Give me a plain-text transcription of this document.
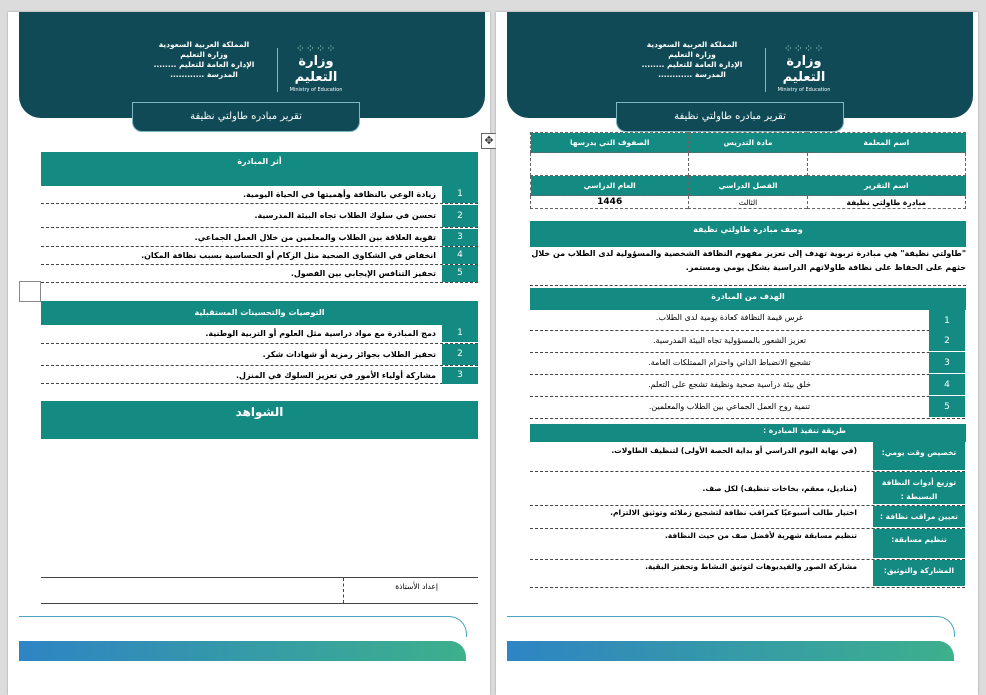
⁘⁘⁘⁘
وزارة التعليم
Ministry of Education
المملكة العربية السعودية
وزارة التعليم
الإدارة العامة للتعليم ........
المدرسة ............
تقرير مبادره طاولتي نظيفة
أثر المبادرة
زيادة الوعي بالنظافة وأهميتها في الحياة اليومية.	1
تحسن في سلوك الطلاب تجاه البيئة المدرسية.	2
تقوية العلاقة بين الطلاب والمعلمين من خلال العمل الجماعي.	3
انخفاض في الشكاوى الصحية مثل الزكام أو الحساسية بسبب نظافة المكان.	4
تحفيز التنافس الإيجابي بين الفصول.	5
التوصيات والتحسينات المستقبلية
دمج المبادرة مع مواد دراسية مثل العلوم أو التربية الوطنية.	1
تحفيز الطلاب بجوائز رمزية أو شهادات شكر.	2
مشاركة أولياء الأمور في تعزيز السلوك في المنزل.	3
الشواهد
إعداد الأستاذة
✥
⁘⁘⁘⁘
وزارة التعليم
Ministry of Education
المملكة العربية السعودية
وزارة التعليم
الإدارة العامة للتعليم ........
المدرسة ............
تقرير مبادره طاولتي نظيفة
اسم المعلمة	مادة التدريس	الصفوف التي يدرسها

اسم التقرير	الفصل الدراسي	العام الدراسي
مبادرة طاولتي نظيفة	الثالث	1446
وصف مبادرة طاولتي نظيفة
"طاولتي نظيفة" هي مبادرة تربوية تهدف إلى تعزيز مفهوم النظافة الشخصية والمسؤولية لدى الطلاب من خلال حثهم على الحفاظ على نظافة طاولاتهم الدراسية بشكل يومي ومستمر.
الهدف من المبادرة
غرس قيمة النظافة كعادة يومية لدى الطلاب.	1
تعزيز الشعور بالمسؤولية تجاه البيئة المدرسية.	2
تشجيع الانضباط الذاتي واحترام الممتلكات العامة.	3
خلق بيئة دراسية صحية ونظيفة تشجع على التعلم.	4
تنمية روح العمل الجماعي بين الطلاب والمعلمين.	5
طريقة تنفيذ المبادرة :
تخصيص وقت يومي:
(في نهاية اليوم الدراسي أو بداية الحصة الأولى) لتنظيف الطاولات.
توزيع أدوات النظافة البسيطة :
(مناديل، معقم، بخاخات تنظيف) لكل صف.
تعيين مراقب نظافة :
اختيار طالب أسبوعيًا كمراقب نظافة لتشجيع زملائه وتوثيق الالتزام.
تنظيم مسابقة:
تنظيم مسابقة شهرية لأفضل صف من حيث النظافة.
المشاركة والتوثيق:
مشاركة الصور والفيديوهات لتوثيق النشاط وتحفيز البقية.
